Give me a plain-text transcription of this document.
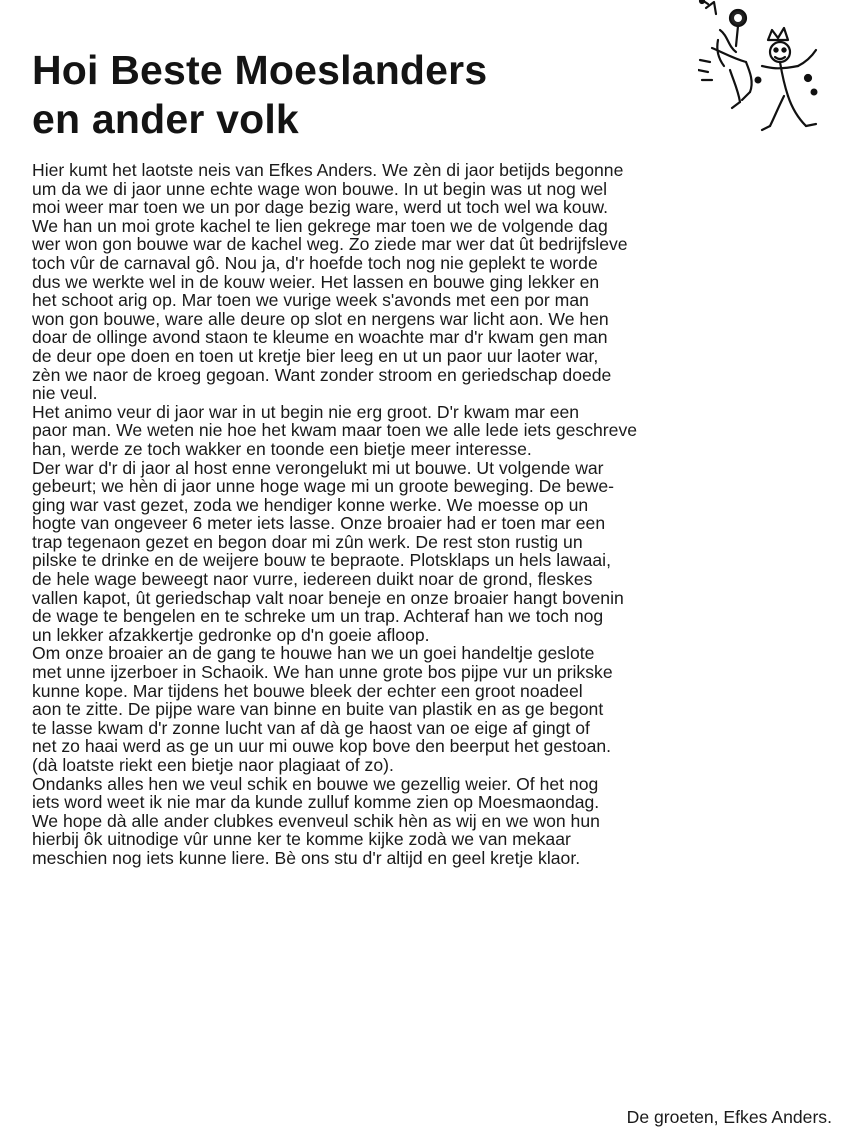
Hoi Beste Moeslanders
en ander volk
Hier kumt het laotste neis van Efkes Anders. We zèn di jaor betijds begonne
um da we di jaor unne echte wage won bouwe. In ut begin was ut nog wel
moi weer mar toen we un por dage bezig ware, werd ut toch wel wa kouw.
We han un moi grote kachel te lien gekrege mar toen we de volgende dag
wer won gon bouwe war de kachel weg. Zo ziede mar wer dat ût bedrijfsleve
toch vûr de carnaval gô. Nou ja, d'r hoefde toch nog nie geplekt te worde
dus we werkte wel in de kouw weier. Het lassen en bouwe ging lekker en
het schoot arig op. Mar toen we vurige week s'avonds met een por man
won gon bouwe, ware alle deure op slot en nergens war licht aon. We hen
doar de ollinge avond staon te kleume en woachte mar d'r kwam gen man
de deur ope doen en toen ut kretje bier leeg en ut un paor uur laoter war,
zèn we naor de kroeg gegoan. Want zonder stroom en geriedschap doede
nie veul.
Het animo veur di jaor war in ut begin nie erg groot. D'r kwam mar een
paor man. We weten nie hoe het kwam maar toen we alle lede iets geschreve
han, werde ze toch wakker en toonde een bietje meer interesse.
Der war d'r di jaor al host enne verongelukt mi ut bouwe. Ut volgende war
gebeurt; we hèn di jaor unne hoge wage mi un groote beweging. De bewe-
ging war vast gezet, zoda we hendiger konne werke. We moesse op un
hogte van ongeveer 6 meter iets lasse. Onze broaier had er toen mar een
trap tegenaon gezet en begon doar mi zûn werk. De rest ston rustig un
pilske te drinke en de weijere bouw te bepraote. Plotsklaps un hels lawaai,
de hele wage beweegt naor vurre, iedereen duikt noar de grond, fleskes
vallen kapot, ût geriedschap valt noar beneje en onze broaier hangt bovenin
de wage te bengelen en te schreke um un trap. Achteraf han we toch nog
un lekker afzakkertje gedronke op d'n goeie afloop.
Om onze broaier an de gang te houwe han we un goei handeltje geslote
met unne ijzerboer in Schaoik. We han unne grote bos pijpe vur un prikske
kunne kope. Mar tijdens het bouwe bleek der echter een groot noadeel
aon te zitte. De pijpe ware van binne en buite van plastik en as ge begont
te lasse kwam d'r zonne lucht van af dà ge haost van oe eige af gingt of
net zo haai werd as ge un uur mi ouwe kop bove den beerput het gestoan.
(dà loatste riekt een bietje naor plagiaat of zo).
Ondanks alles hen we veul schik en bouwe we gezellig weier. Of het nog
iets word weet ik nie mar da kunde zulluf komme zien op Moesmaondag.
We hope dà alle ander clubkes evenveul schik hèn as wij en we won hun
hierbij ôk uitnodige vûr unne ker te komme kijke zodà we van mekaar
meschien nog iets kunne liere. Bè ons stu d'r altijd en geel kretje klaor.
De groeten, Efkes Anders.
